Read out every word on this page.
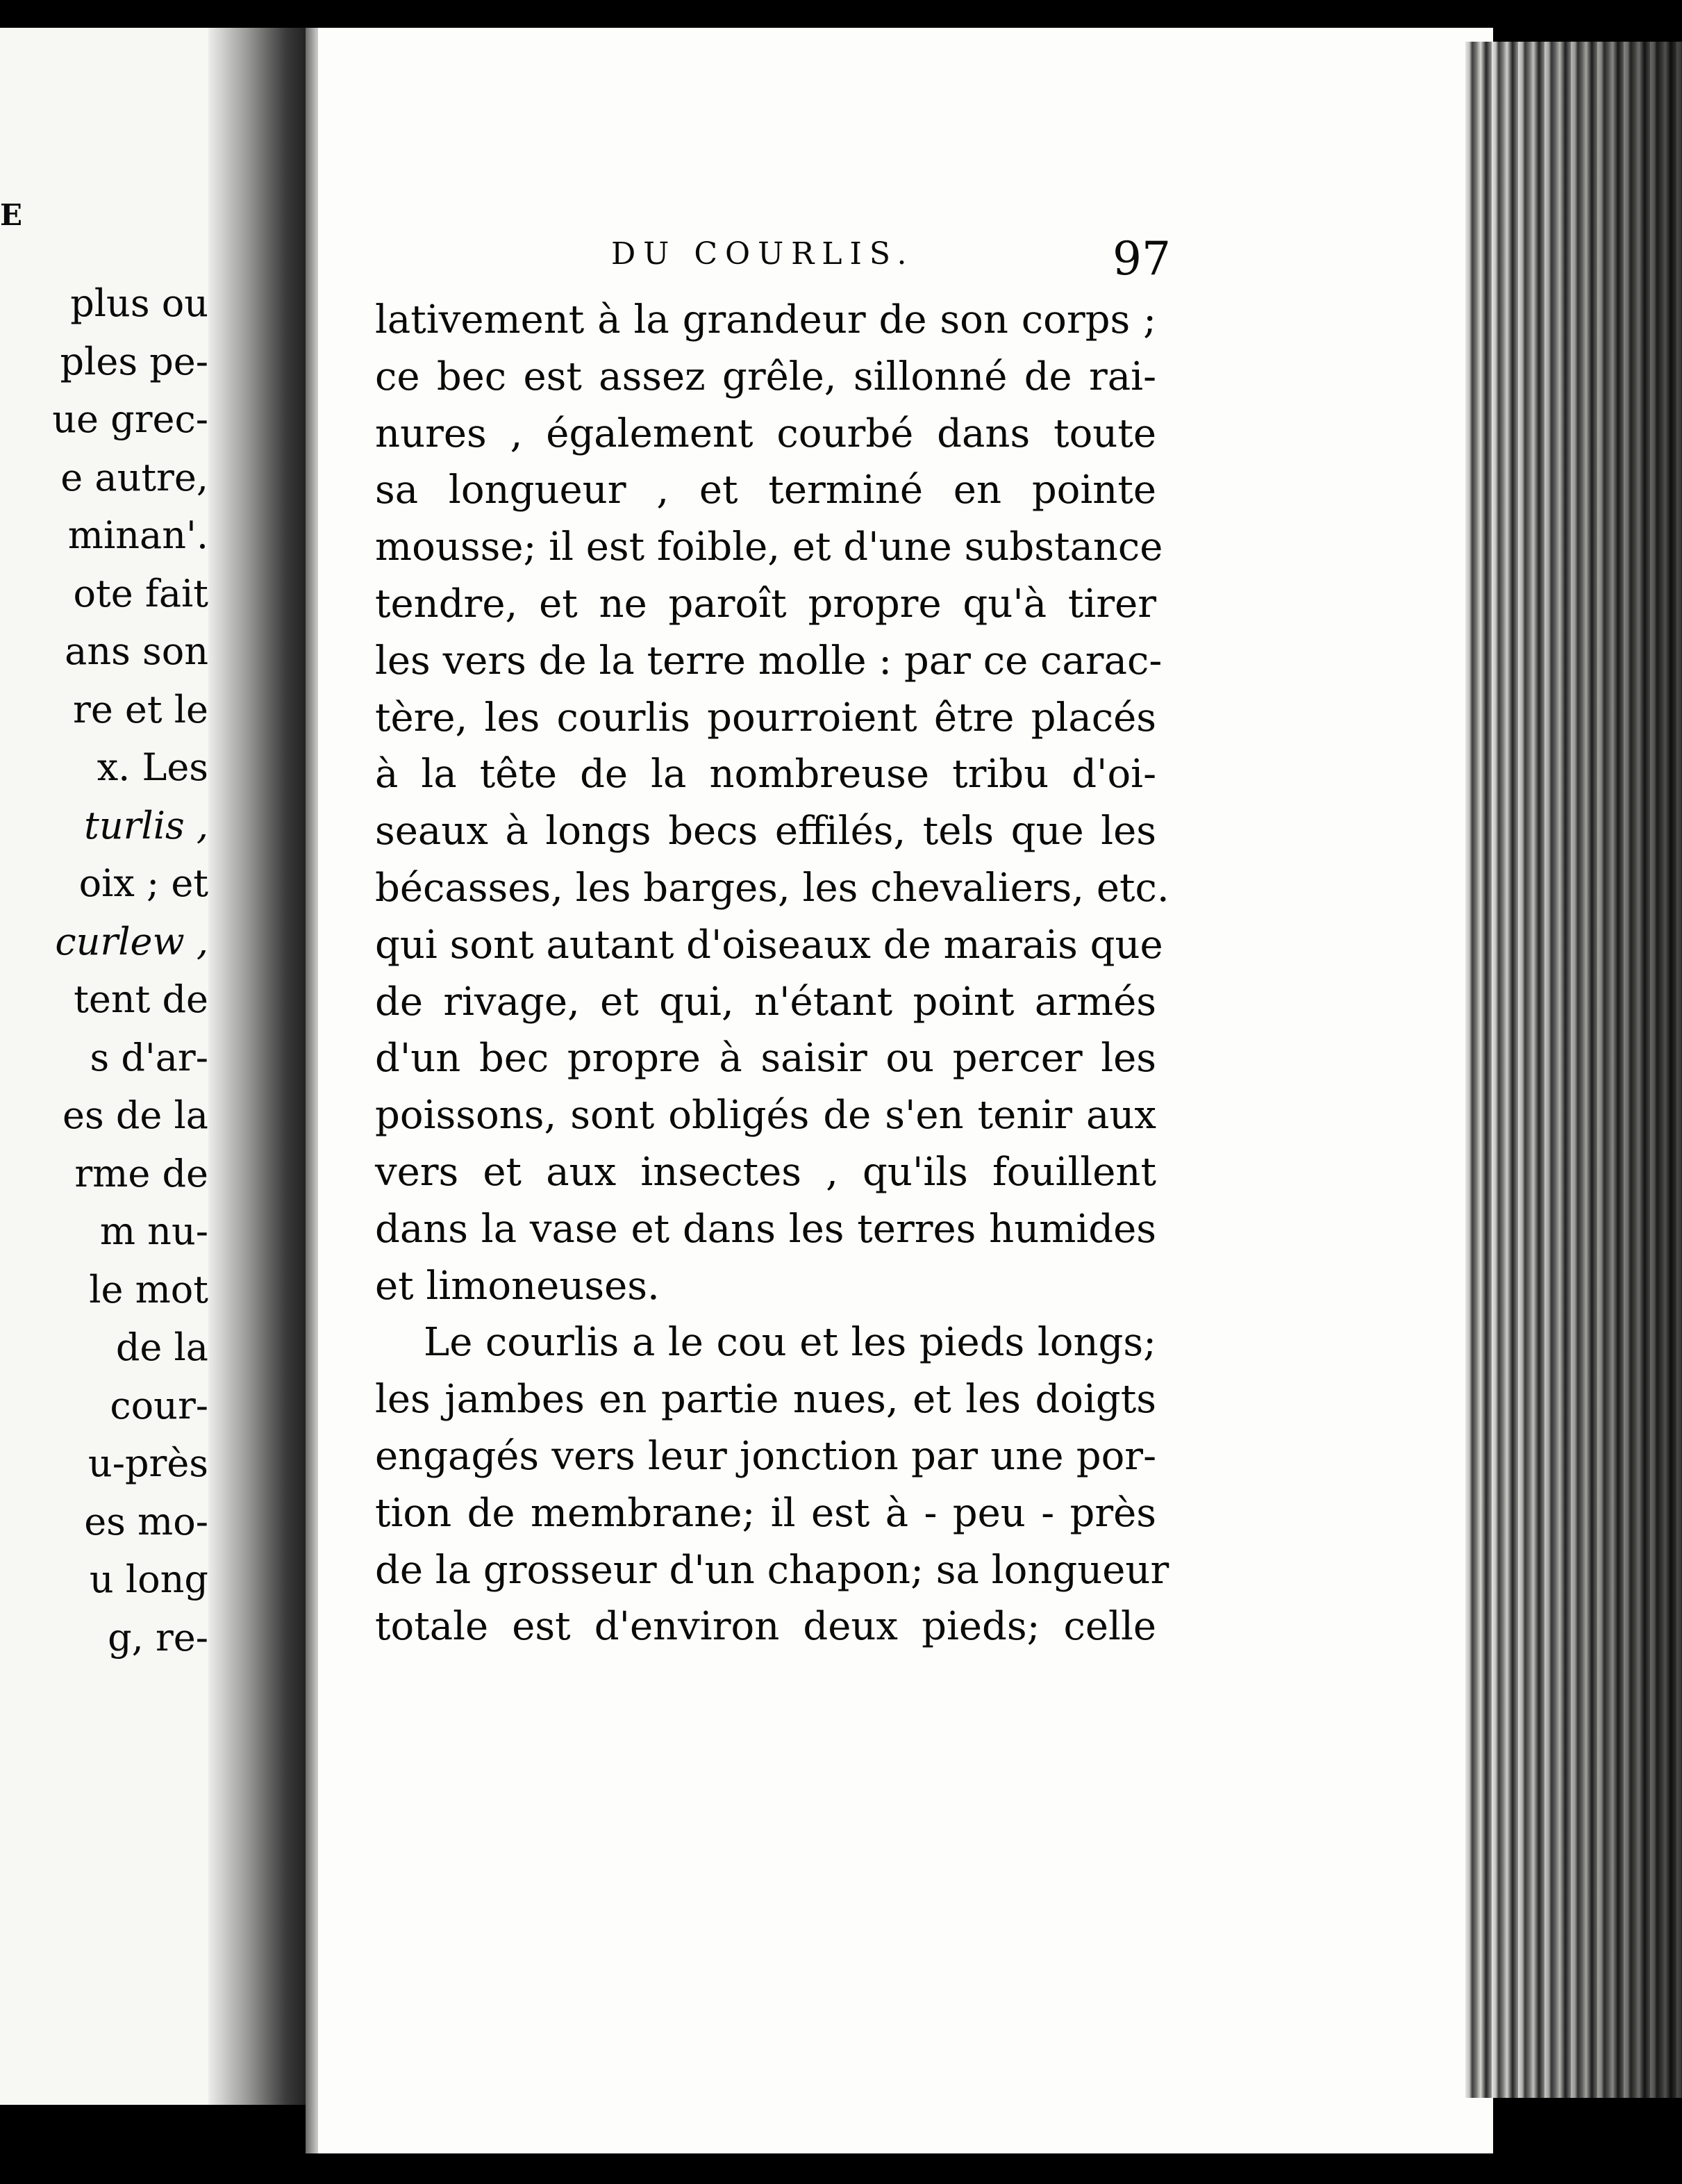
E
plus ou
ples pe-
ue grec-
e autre,
minan'.
ote fait
ans son
re et le
x. Les
turlis ,
oix ; et
curlew ,
tent de
s d'ar-
es de la
rme de
m nu-
le mot
de la
cour-
u-près
es mo-
u long
g, re-
DU COURLIS.	97
lativement à la grandeur de son corps ;
ce bec est assez grêle, sillonné de rai-
nures , également courbé dans toute
sa longueur , et terminé en pointe
mousse; il est foible, et d'une substance
tendre, et ne paroît propre qu'à tirer
les vers de la terre molle : par ce carac-
tère, les courlis pourroient être placés
à la tête de la nombreuse tribu d'oi-
seaux à longs becs effilés, tels que les
bécasses, les barges, les chevaliers, etc.
qui sont autant d'oiseaux de marais que
de rivage, et qui, n'étant point armés
d'un bec propre à saisir ou percer les
poissons, sont obligés de s'en tenir aux
vers et aux insectes , qu'ils fouillent
dans la vase et dans les terres humides
et limoneuses.
Le courlis a le cou et les pieds longs;
les jambes en partie nues, et les doigts
engagés vers leur jonction par une por-
tion de membrane; il est à - peu - près
de la grosseur d'un chapon; sa longueur
totale est d'environ deux pieds; celle
